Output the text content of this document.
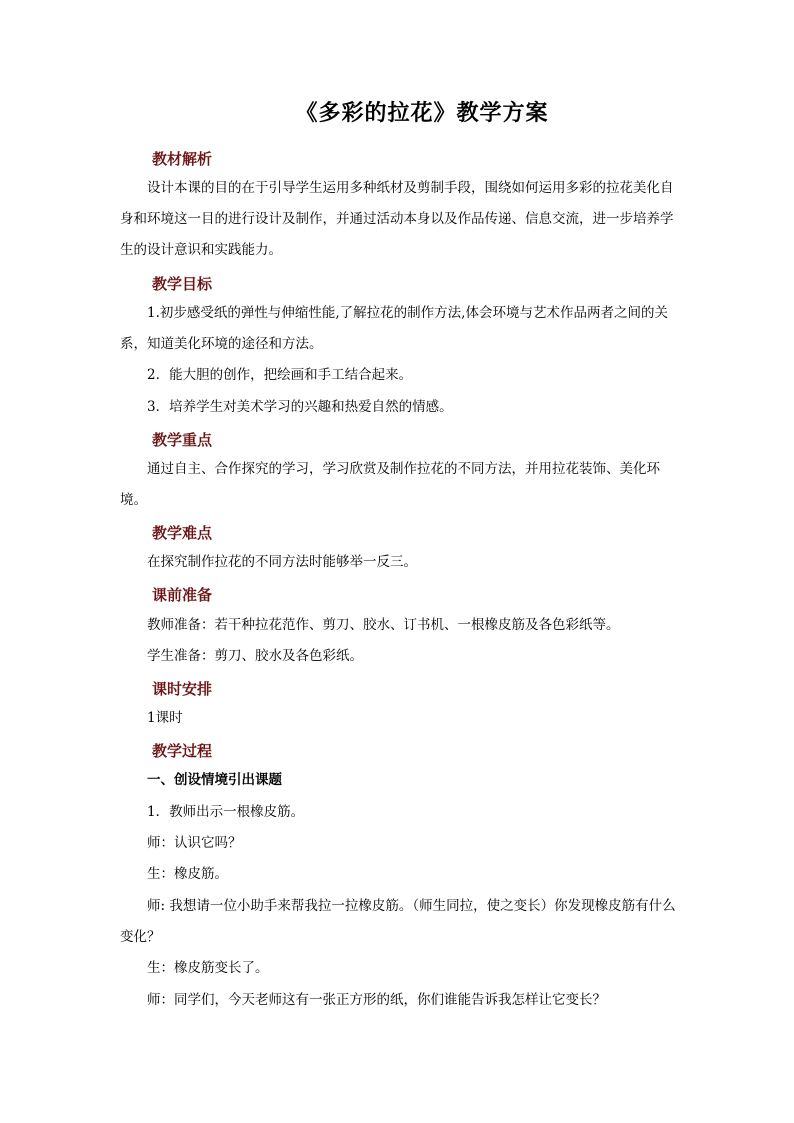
《多彩的拉花》教学方案
教材解析
设计本课的目的在于引导学生运用多种纸材及剪制手段，围绕如何运用多彩的拉花美化自身和环境这一目的进行设计及制作，并通过活动本身以及作品传递、信息交流，进一步培养学生的设计意识和实践能力。
教学目标
1.初步感受纸的弹性与伸缩性能,了解拉花的制作方法,体会环境与艺术作品两者之间的关系，知道美化环境的途径和方法。
2．能大胆的创作，把绘画和手工结合起来。
3．培养学生对美术学习的兴趣和热爱自然的情感。
教学重点
通过自主、合作探究的学习，学习欣赏及制作拉花的不同方法，并用拉花装饰、美化环境。
教学难点
在探究制作拉花的不同方法时能够举一反三。
课前准备
教师准备：若干种拉花范作、剪刀、胶水、订书机、一根橡皮筋及各色彩纸等。
学生准备：剪刀、胶水及各色彩纸。
课时安排
1课时
教学过程
一、创设情境引出课题
1．教师出示一根橡皮筋。
师：认识它吗？
生：橡皮筋。
师: 我想请一位小助手来帮我拉一拉橡皮筋。（师生同拉，使之变长）你发现橡皮筋有什么变化？
生：橡皮筋变长了。
师：同学们，今天老师这有一张正方形的纸，你们谁能告诉我怎样让它变长？
